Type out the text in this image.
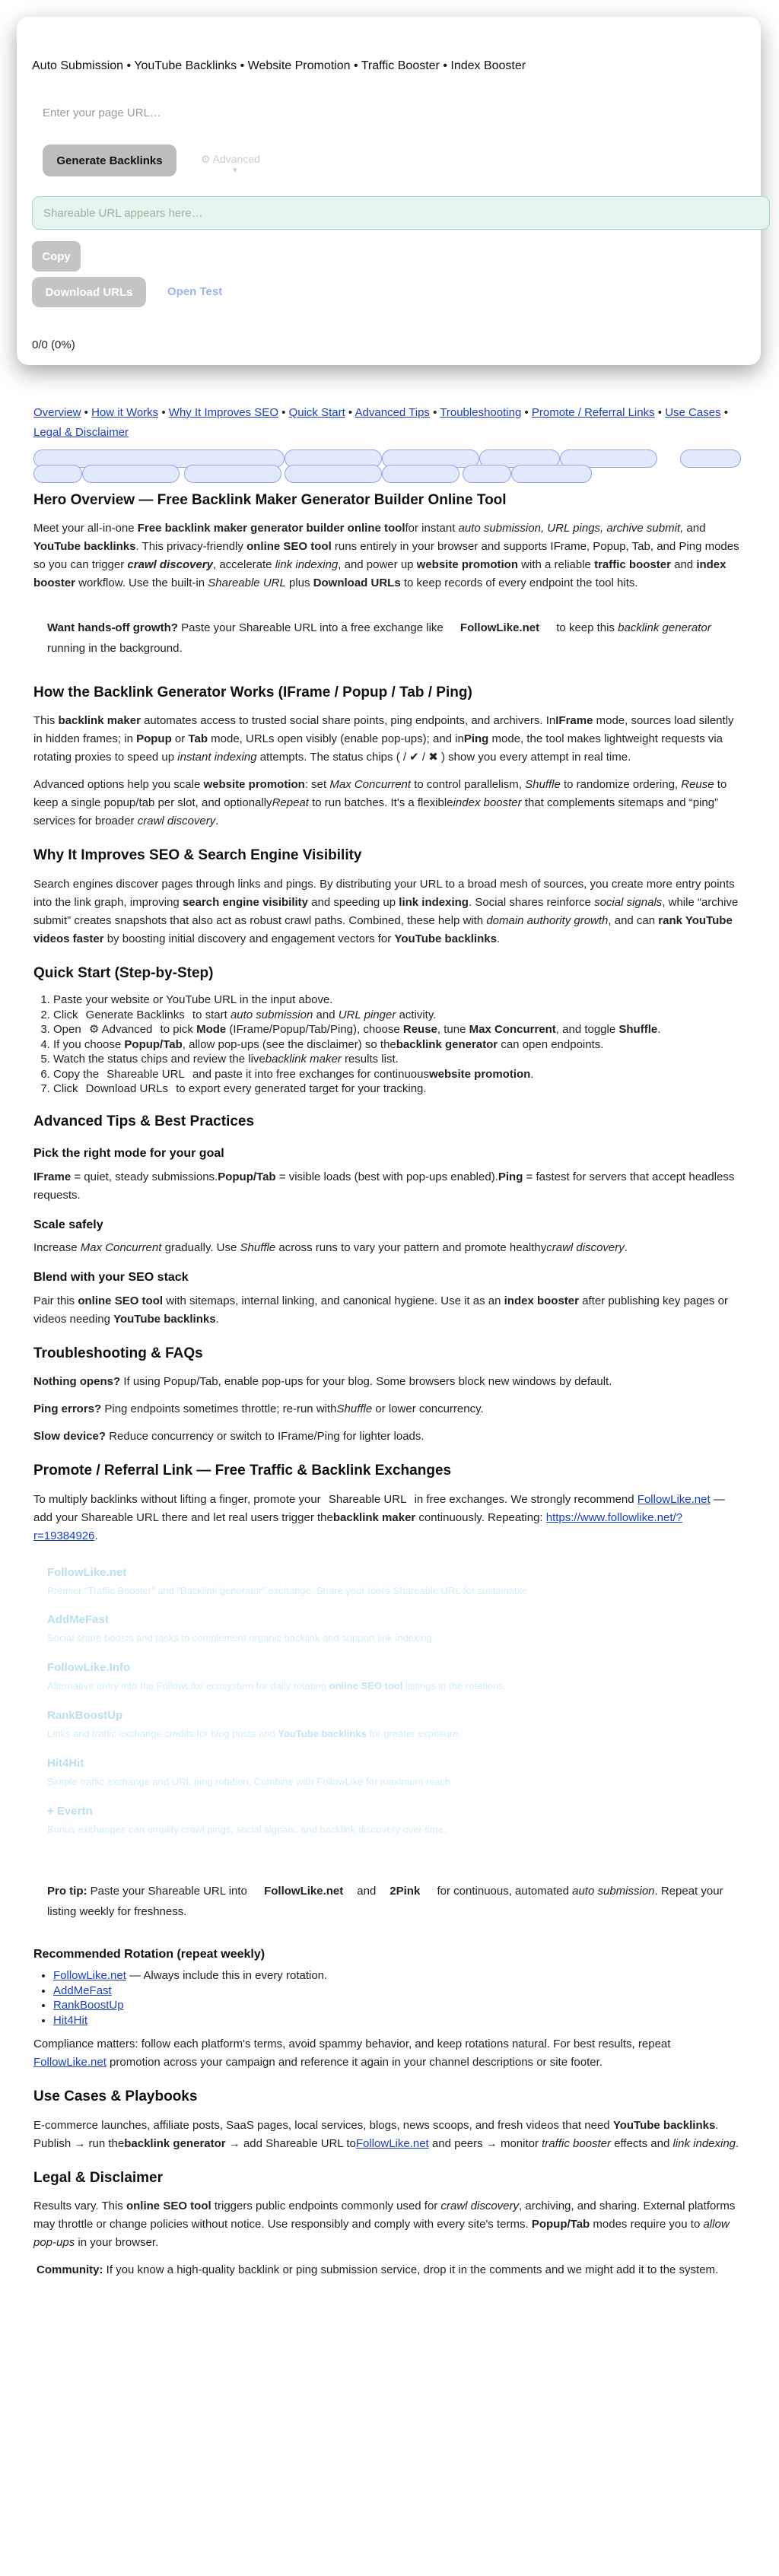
Auto Submission • YouTube Backlinks • Website Promotion • Traffic Booster • Index Booster
Enter your page URL…
Generate Backlinks	⚙ Advanced
▾
Shareable URL appears here…
Copy
Download URLs	Open Test
0/0 (0%)
Overview • How it Works • Why It Improves SEO • Quick Start • Advanced Tips • Troubleshooting • Promote / Referral Links • Use Cases • Legal & Disclaimer
Hero Overview — Free Backlink Maker Generator Builder Online Tool

Meet your all-in-one Free backlink maker generator builder online toolfor instant auto submission, URL pings, archive submit, and YouTube backlinks. This privacy-friendly online SEO tool runs entirely in your browser and supports IFrame, Popup, Tab, and Ping modes so you can trigger crawl discovery, accelerate link indexing, and power up website promotion with a reliable traffic booster and index booster workflow. Use the built-in Shareable URL plus Download URLs to keep records of every endpoint the tool hits.

Want hands-off growth? Paste your Shareable URL into a free exchange like FollowLike.net to keep this backlink generator running in the background.
How the Backlink Generator Works (IFrame / Popup / Tab / Ping)

This backlink maker automates access to trusted social share points, ping endpoints, and archivers. InIFrame mode, sources load silently in hidden frames; in Popup or Tab mode, URLs open visibly (enable pop-ups); and inPing mode, the tool makes lightweight requests via rotating proxies to speed up instant indexing attempts. The status chips ( / ✔ / ✖ ) show you every attempt in real time.

Advanced options help you scale website promotion: set Max Concurrent to control parallelism, Shuffle to randomize ordering, Reuse to keep a single popup/tab per slot, and optionallyRepeat to run batches. It's a flexibleindex booster that complements sitemaps and “ping” services for broader crawl discovery.

Why It Improves SEO & Search Engine Visibility

Search engines discover pages through links and pings. By distributing your URL to a broad mesh of sources, you create more entry points into the link graph, improving search engine visibility and speeding up link indexing. Social shares reinforce social signals, while “archive submit” creates snapshots that also act as robust crawl paths. Combined, these help with domain authority growth, and can rank YouTube videos faster by boosting initial discovery and engagement vectors for YouTube backlinks.

Quick Start (Step-by-Step)
1. Paste your website or YouTube URL in the input above.
2. Click Generate Backlinks to start auto submission and URL pinger activity.
3. Open ⚙ Advanced to pick Mode (IFrame/Popup/Tab/Ping), choose Reuse, tune Max Concurrent, and toggle Shuffle.
4. If you choose Popup/Tab, allow pop-ups (see the disclaimer) so thebacklink generator can open endpoints.
5. Watch the status chips and review the livebacklink maker results list.
6. Copy the Shareable URL and paste it into free exchanges for continuouswebsite promotion.
7. Click Download URLs to export every generated target for your tracking.
Advanced Tips & Best Practices
Pick the right mode for your goal

IFrame = quiet, steady submissions.Popup/Tab = visible loads (best with pop-ups enabled).Ping = fastest for servers that accept headless requests.

Scale safely

Increase Max Concurrent gradually. Use Shuffle across runs to vary your pattern and promote healthycrawl discovery.

Blend with your SEO stack

Pair this online SEO tool with sitemaps, internal linking, and canonical hygiene. Use it as an index booster after publishing key pages or videos needing YouTube backlinks.

Troubleshooting & FAQs

Nothing opens? If using Popup/Tab, enable pop-ups for your blog. Some browsers block new windows by default.

Ping errors? Ping endpoints sometimes throttle; re-run withShuffle or lower concurrency.

Slow device? Reduce concurrency or switch to IFrame/Ping for lighter loads.

Promote / Referral Link — Free Traffic & Backlink Exchanges

To multiply backlinks without lifting a finger, promote your Shareable URL in free exchanges. We strongly recommend FollowLike.net — add your Shareable URL there and let real users trigger thebacklink maker continuously. Repeating: https://www.followlike.net/?r=19384926.

FollowLike.net
Premier “Traffic Booster” and “Backlink generator” exchange. Share your tool's Shareable URL for sustainable
AddMeFast
Social share boosts and tasks to complement organic backlink and support link indexing.
FollowLike.Info
Alternative entry into the FollowLike ecosystem for daily rotating online SEO tool listings in the rotations.
RankBoostUp
Links and traffic exchange credits for blog posts and YouTube backlinks for greater exposure.
Hit4Hit
Simple traffic exchange and URL ping rotation. Combine with FollowLike for maximum reach.
+ Evertn
Bonus exchanges can amplify crawl pings, social signals, and backlink discovery over time.
Pro tip: Paste your Shareable URL into FollowLike.net and 2Pink for continuous, automated auto submission. Repeat your listing weekly for freshness.
Recommended Rotation (repeat weekly)
• FollowLike.net — Always include this in every rotation.
• AddMeFast
• RankBoostUp
• Hit4Hit

Compliance matters: follow each platform's terms, avoid spammy behavior, and keep rotations natural. For best results, repeat FollowLike.net promotion across your campaign and reference it again in your channel descriptions or site footer.

Use Cases & Playbooks

E-commerce launches, affiliate posts, SaaS pages, local services, blogs, news scoops, and fresh videos that need YouTube backlinks. Publish → run thebacklink generator → add Shareable URL toFollowLike.net and peers → monitor traffic booster effects and link indexing.

Legal & Disclaimer

Results vary. This online SEO tool triggers public endpoints commonly used for crawl discovery, archiving, and sharing. External platforms may throttle or change policies without notice. Use responsibly and comply with every site's terms. Popup/Tab modes require you to allow pop-ups in your browser.

Community: If you know a high-quality backlink or ping submission service, drop it in the comments and we might add it to the system.
